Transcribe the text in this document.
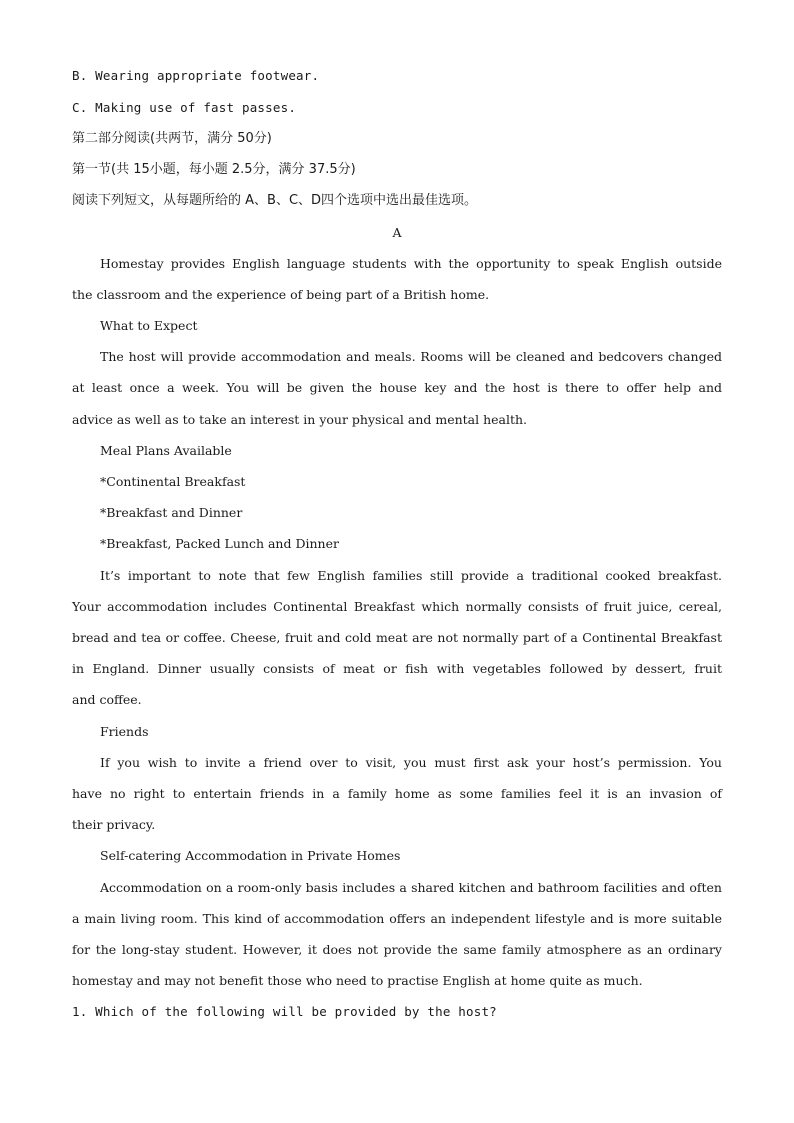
B. Wearing appropriate footwear.
C. Making use of fast passes.
第二部分阅读(共两节，满分 50分)
第一节(共 15小题，每小题 2.5分，满分 37.5分)
阅读下列短文，从每题所给的 A、B、C、D四个选项中选出最佳选项。
A
Homestay provides English language students with the opportunity to speak English outside
the classroom and the experience of being part of a British home.
What to Expect
The host will provide accommodation and meals. Rooms will be cleaned and bedcovers changed
at least once a week. You will be given the house key and the host is there to offer help and
advice as well as to take an interest in your physical and mental health.
Meal Plans Available
*Continental Breakfast
*Breakfast and Dinner
*Breakfast, Packed Lunch and Dinner
It’s important to note that few English families still provide a traditional cooked breakfast.
Your accommodation includes Continental Breakfast which normally consists of fruit juice, cereal,
bread and tea or coffee. Cheese, fruit and cold meat are not normally part of a Continental Breakfast
in England. Dinner usually consists of meat or fish with vegetables followed by dessert, fruit
and coffee.
Friends
If you wish to invite a friend over to visit, you must first ask your host’s permission. You
have no right to entertain friends in a family home as some families feel it is an invasion of
their privacy.
Self-catering Accommodation in Private Homes
Accommodation on a room-only basis includes a shared kitchen and bathroom facilities and often
a main living room. This kind of accommodation offers an independent lifestyle and is more suitable
for the long-stay student. However, it does not provide the same family atmosphere as an ordinary
homestay and may not benefit those who need to practise English at home quite as much.
1. Which of the following will be provided by the host?
